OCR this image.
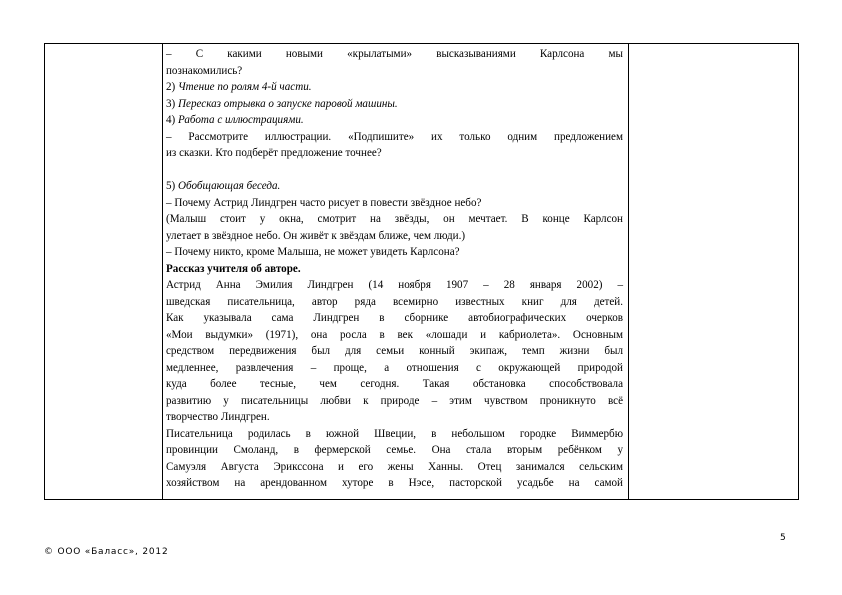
– С какими новыми «крылатыми» высказываниями Карлсона мы
познакомились?
2) Чтение по ролям 4-й части.
3) Пересказ отрывка о запуске паровой машины.
4) Работа с иллюстрациями.
– Рассмотрите иллюстрации. «Подпишите» их только одним предложением
из сказки. Кто подберёт предложение точнее?
5) Обобщающая беседа.
– Почему Астрид Линдгрен часто рисует в повести звёздное небо?
(Малыш стоит у окна, смотрит на звёзды, он мечтает. В конце Карлсон
улетает в звёздное небо. Он живёт к звёздам ближе, чем люди.)
– Почему никто, кроме Малыша, не может увидеть Карлсона?
Рассказ учителя об авторе.
Астрид Анна Эмилия Линдгрен (14 ноября 1907 – 28 января 2002) –
шведская писательница, автор ряда всемирно известных книг для детей.
Как указывала сама Линдгрен в сборнике автобиографических очерков
«Мои выдумки» (1971), она росла в век «лошади и кабриолета». Основным
средством передвижения был для семьи конный экипаж, темп жизни был
медленнее, развлечения – проще, а отношения с окружающей природой
куда более тесные, чем сегодня. Такая обстановка способствовала
развитию у писательницы любви к природе – этим чувством проникнуто всё
творчество Линдгрен.
Писательница родилась в южной Швеции, в небольшом городке Виммербю
провинции Смоланд, в фермерской семье. Она стала вторым ребёнком у
Самуэля Августа Эрикссона и его жены Ханны. Отец занимался сельским
хозяйством на арендованном хуторе в Нэсе, пасторской усадьбе на самой
5
© ООО «Баласс», 2012
